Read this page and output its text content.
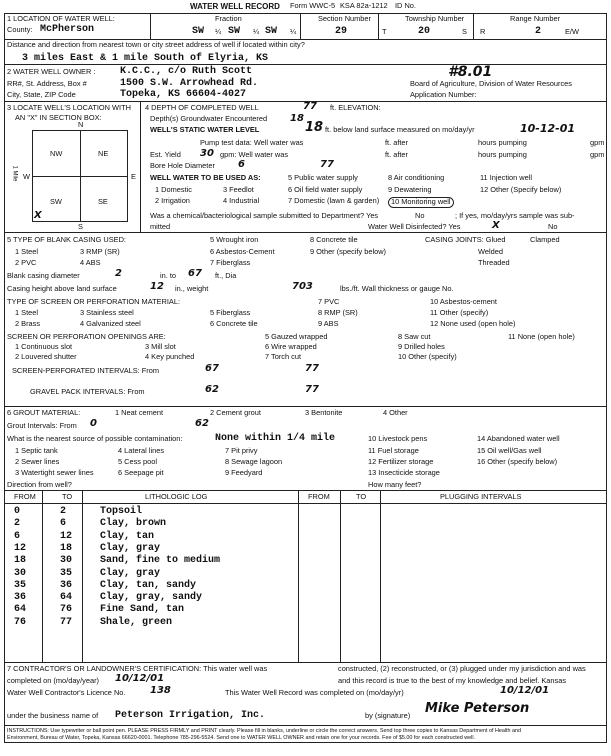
WATER WELL RECORD Form WWC-5 KSA 82a-1212 ID No.
1 LOCATION OF WATER WELL:
County: McPherson
Fraction
SW ¼ SW ¼ SW ¼
Section Number
29
Township Number
T	20	S
Range Number
R	2	E/W
Distance and direction from nearest town or city street address of well if located within city?
3 miles East & 1 mile South of Elyria, KS
2 WATER WELL OWNER : K.C.C., c/o Ruth Scott
RR#, St. Address, Box #	1500 S.W. Arrowhead Rd.
City, State, ZIP Code	Topeka, KS 66604-4027
#8.01
Board of Agriculture, Division of Water Resources
Application Number:
3 LOCATE WELL'S LOCATION WITH
AN "X" IN SECTION BOX:
N
S
W	E
NW	NE
SW	SE
1 Mile
X
4 DEPTH OF COMPLETED WELL	77 ft. ELEVATION:
Depth(s) Groundwater Encountered 18
WELL'S STATIC WATER LEVEL	18 ft. below land surface measured on mo/day/yr	10-12-01
Pump test data: Well water was	ft. after	hours pumping	gpm
Est. Yield 30 gpm: Well water was	ft. after	hours pumping	gpm
Bore Hole Diameter 6	77
WELL WATER TO BE USED AS:
1 Domestic
2 Irrigation
3 Feedlot
4 Industrial
5 Public water supply
6 Oil field water supply
7 Domestic (lawn & garden)
8 Air conditioning
9 Dewatering
10 Monitoring well
11 Injection well
12 Other (Specify below)
Was a chemical/bacteriological sample submitted to Department? Yes	No	; If yes, mo/day/yrs sample was sub-
mitted	Water Well Disinfected? Yes	X	No
5 TYPE OF BLANK CASING USED:
1 Steel
2 PVC
3 RMP (SR)
4 ABS
5 Wrought iron
6 Asbestos-Cement
7 Fiberglass
8 Concrete tile
9 Other (specify below)
CASING JOINTS: Glued	Clamped
Welded
Threaded
Blank casing diameter	2	in. to 67 ft., Dia
Casing height above land surface	12 in., weight	703	lbs./ft. Wall thickness or gauge No.
TYPE OF SCREEN OR PERFORATION MATERIAL:
1 Steel
2 Brass
3 Stainless steel
4 Galvanized steel
5 Fiberglass
6 Concrete tile
7 PVC
8 RMP (SR)
9 ABS
10 Asbestos-cement
11 Other (specify)
12 None used (open hole)
SCREEN OR PERFORATION OPENINGS ARE:
1 Continuous slot
2 Louvered shutter
3 Mill slot
4 Key punched
5 Gauzed wrapped
6 Wire wrapped
7 Torch cut
8 Saw cut
9 Drilled holes
10 Other (specify)
11 None (open hole)
SCREEN-PERFORATED INTERVALS: From	67	77
GRAVEL PACK INTERVALS: From	62	77
6 GROUT MATERIAL:	1 Neat cement	2 Cement grout	3 Bentonite	4 Other
Grout Intervals: From 0	62
What is the nearest source of possible contamination:	None within 1/4 mile
1 Septic tank
2 Sewer lines
3 Watertight sewer lines
4 Lateral lines
5 Cess pool
6 Seepage pit
7 Pit privy
8 Sewage lagoon
9 Feedyard
10 Livestock pens
11 Fuel storage
12 Fertilizer storage
13 Insecticide storage
14 Abandoned water well
15 Oil well/Gas well
16 Other (specify below)
Direction from well?	How many feet?
FROM	TO	LITHOLOGIC LOG	FROM	TO	PLUGGING INTERVALS
0	2	Topsoil
2	6	Clay, brown
6	12	Clay, tan
12	18	Clay, gray
18	30	Sand, fine to medium
30	35	Clay, gray
35	36	Clay, tan, sandy
36	64	Clay, gray, sandy
64	76	Fine Sand, tan
76	77	Shale, green
7 CONTRACTOR'S OR LANDOWNER'S CERTIFICATION: This water well was	constructed, (2) reconstructed, or (3) plugged under my jurisdiction and was
completed on (mo/day/year) 10/12/01	and this record is true to the best of my knowledge and belief. Kansas
Water Well Contractor's Licence No. 138	This Water Well Record was completed on (mo/day/yr)	10/12/01
under the business name of Peterson Irrigation, Inc.	by (signature) Mike Peterson
INSTRUCTIONS: Use typewriter or ball point pen. PLEASE PRESS FIRMLY and PRINT clearly. Please fill in blanks, underline or circle the correct answers. Send top three copies to Kansas Department of Health and
Environment, Bureau of Water, Topeka, Kansas 66620-0001. Telephone 785-296-5524. Send one to WATER WELL OWNER and retain one for your records. Fee of $5.00 for each constructed well.
